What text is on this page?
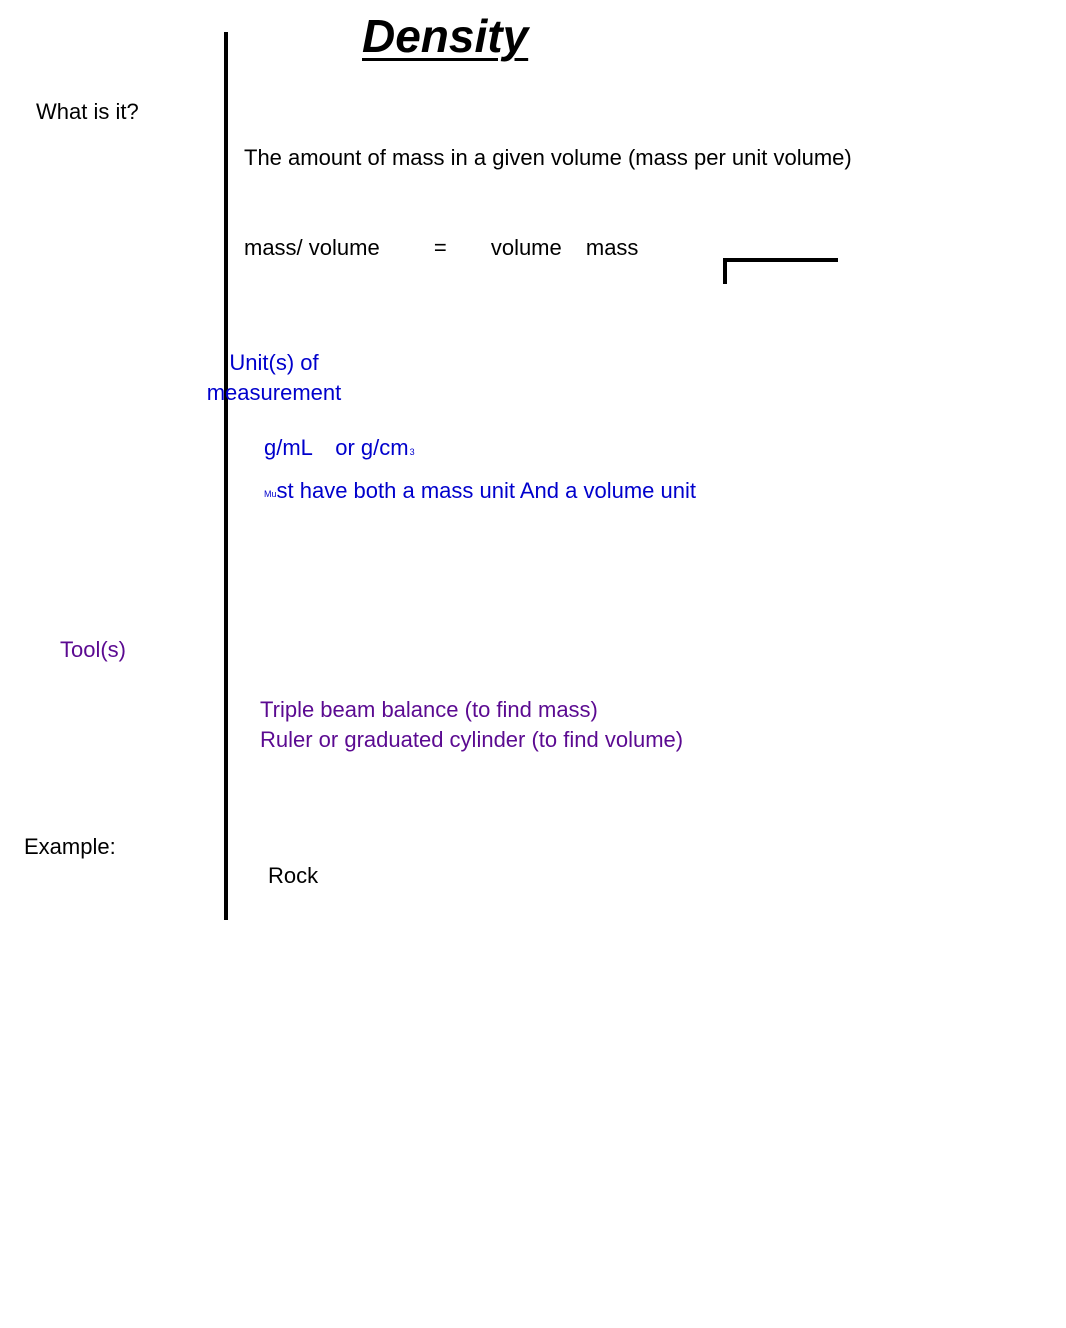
Density
What is it?
The amount of mass in a given volume (mass per unit volume)
mass/ volume = volume mass
Unit(s) of measurement
g/mL or $g/cm^3$
$^{Mu}$st have both a mass unit And a volume unit
Tool(s)
Triple beam balance (to find mass)
Ruler or graduated cylinder (to find volume)
Example:
Rock
